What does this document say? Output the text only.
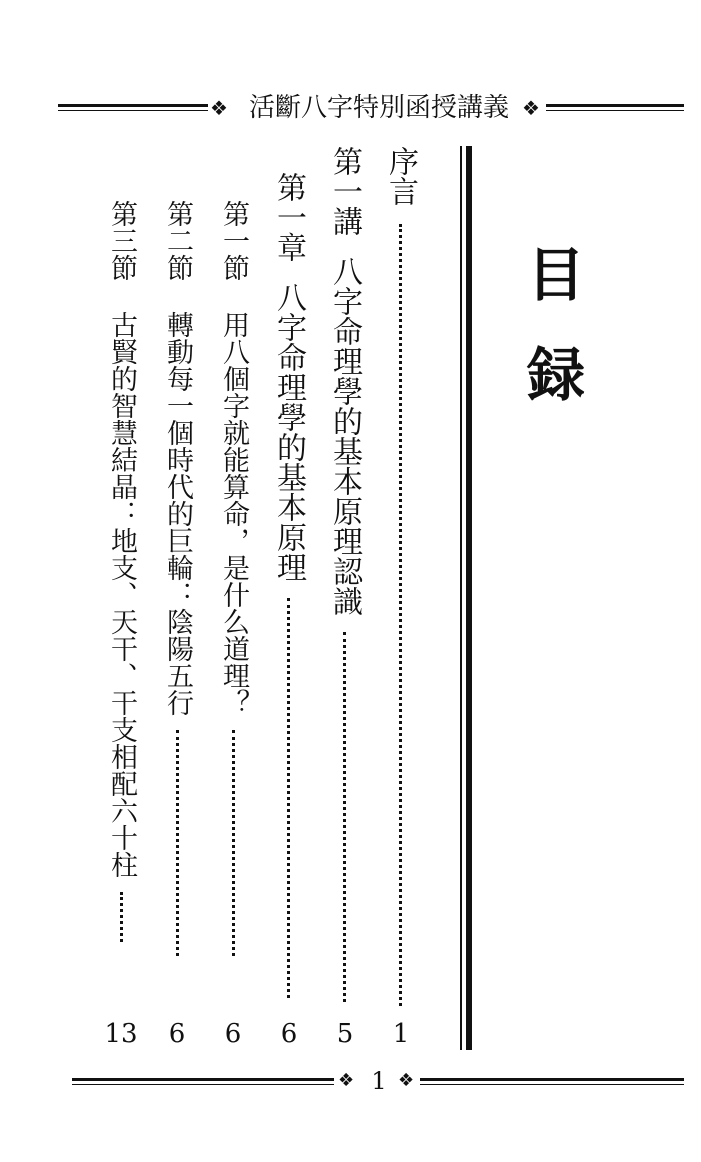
❖ 活斷八字特別函授講義 ❖
目録
序言
1
第一講八字命理學的基本原理認識
5
第一章八字命理學的基本原理
6
第一節用八個字就能算命，是什么道理？
6
第二節轉動每一個時代的巨輪：陰陽五行
6
第三節古賢的智慧結晶：地支、天干、干支相配六十柱
13
❖ 1 ❖
